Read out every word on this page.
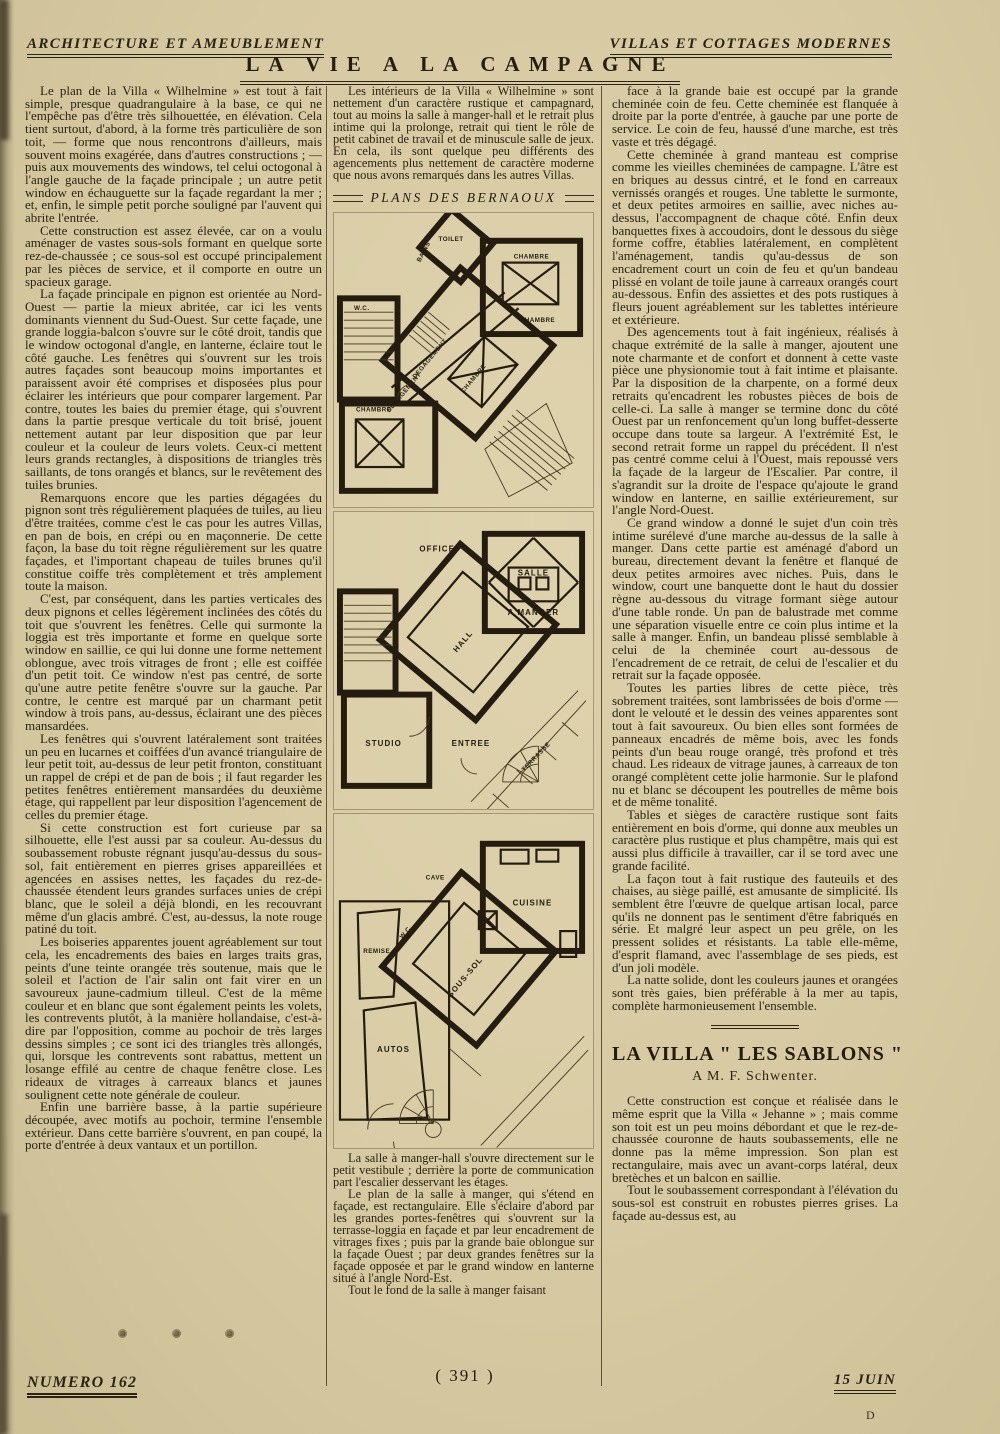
ARCHITECTURE ET AMEUBLEMENT	VILLAS ET COTTAGES MODERNES
LA VIE A LA CAMPAGNE

Le plan de la Villa « Wilhelmine » est tout à fait simple, presque quadrangulaire à la base, ce qui ne l'empêche pas d'être très silhouettée, en élévation. Cela tient surtout, d'abord, à la forme très particulière de son toit, — forme que nous rencontrons d'ailleurs, mais souvent moins exagérée, dans d'autres constructions ; — puis aux mouvements des windows, tel celui octogonal à l'angle gauche de la façade principale ; un autre petit window en échauguette sur la façade regardant la mer ; et, enfin, le simple petit porche souligné par l'auvent qui abrite l'entrée.

Cette construction est assez élevée, car on a voulu aménager de vastes sous-sols formant en quelque sorte rez-de-chaussée ; ce sous-sol est occupé principalement par les pièces de service, et il comporte en outre un spacieux garage.

La façade principale en pignon est orientée au Nord-Ouest — partie la mieux abritée, car ici les vents dominants viennent du Sud-Ouest. Sur cette façade, une grande loggia-balcon s'ouvre sur le côté droit, tandis que le window octogonal d'angle, en lanterne, éclaire tout le côté gauche. Les fenêtres qui s'ouvrent sur les trois autres façades sont beaucoup moins importantes et paraissent avoir été comprises et disposées plus pour éclairer les intérieurs que pour comparer largement. Par contre, toutes les baies du premier étage, qui s'ouvrent dans la partie presque verticale du toit brisé, jouent nettement autant par leur disposition que par leur couleur et la couleur de leurs volets. Ceux-ci mettent leurs grands rectangles, à dispositions de triangles très saillants, de tons orangés et blancs, sur le revêtement des tuiles brunies.

Remarquons encore que les parties dégagées du pignon sont très régulièrement plaquées de tuiles, au lieu d'être traitées, comme c'est le cas pour les autres Villas, en pan de bois, en crépi ou en maçonnerie. De cette façon, la base du toit règne régulièrement sur les quatre façades, et l'important chapeau de tuiles brunes qu'il constitue coiffe très complètement et très amplement toute la maison.

C'est, par conséquent, dans les parties verticales des deux pignons et celles légèrement inclinées des côtés du toit que s'ouvrent les fenêtres. Celle qui surmonte la loggia est très importante et forme en quelque sorte window en saillie, ce qui lui donne une forme nettement oblongue, avec trois vitrages de front ; elle est coiffée d'un petit toit. Ce window n'est pas centré, de sorte qu'une autre petite fenêtre s'ouvre sur la gauche. Par contre, le centre est marqué par un charmant petit window à trois pans, au-dessus, éclairant une des pièces mansardées.

Les fenêtres qui s'ouvrent latéralement sont traitées un peu en lucarnes et coiffées d'un avancé triangulaire de leur petit toit, au-dessus de leur petit fronton, constituant un rappel de crépi et de pan de bois ; il faut regarder les petites fenêtres entièrement mansardées du deuxième étage, qui rappellent par leur disposition l'agencement de celles du premier étage.

Si cette construction est fort curieuse par sa silhouette, elle l'est aussi par sa couleur. Au-dessus du soubassement robuste régnant jusqu'au-dessus du sous-sol, fait entièrement en pierres grises appareillées et agencées en assises nettes, les façades du rez-de-chaussée étendent leurs grandes surfaces unies de crépi blanc, que le soleil a déjà blondi, en les recouvrant même d'un glacis ambré. C'est, au-dessus, la note rouge patiné du toit.

Les boiseries apparentes jouent agréablement sur tout cela, les encadrements des baies en larges traits gras, peints d'une teinte orangée très soutenue, mais que le soleil et l'action de l'air salin ont fait virer en un savoureux jaune-cadmium tilleul. C'est de la même couleur et en blanc que sont également peints les volets, les contrevents plutôt, à la manière hollandaise, c'est-à-dire par l'opposition, comme au pochoir de très larges dessins simples ; ce sont ici des triangles très allongés, qui, lorsque les contrevents sont rabattus, mettent un losange effilé au centre de chaque fenêtre close. Les rideaux de vitrages à carreaux blancs et jaunes soulignent cette note générale de couleur.

Enfin une barrière basse, à la partie supérieure découpée, avec motifs au pochoir, termine l'ensemble extérieur. Dans cette barrière s'ouvrent, en pan coupé, la porte d'entrée à deux vantaux et un portillon.

Les intérieurs de la Villa « Wilhelmine » sont nettement d'un caractère rustique et campagnard, tout au moins la salle à manger-hall et le retrait plus intime qui la prolonge, retrait qui tient le rôle de petit cabinet de travail et de minuscule salle de jeux. En cela, ils sont quelque peu différents des agencements plus nettement de caractère moderne que nous avons remarqués dans les autres Villas.

PLANS DES BERNAOUX
TOILET
CHAMBRE
CHAMBRE
CHAMBRE
CHAMBRE
DEGAGEMENT
DEGAGEMENT
W.C.
BAINS
OFFICE
SALLE
A MANGER
HALL
ENTREE
STUDIO	TERRASSE
CAVE
CUISINE
W.C.
REMISE
SOUS-SOL
AUTOS

La salle à manger-hall s'ouvre directement sur le petit vestibule ; derrière la porte de communication part l'escalier desservant les étages.

Le plan de la salle à manger, qui s'étend en façade, est rectangulaire. Elle s'éclaire d'abord par les grandes portes-fenêtres qui s'ouvrent sur la terrasse-loggia en façade et par leur encadrement de vitrages fixes ; puis par la grande baie oblongue sur la façade Ouest ; par deux grandes fenêtres sur la façade opposée et par le grand window en lanterne situé à l'angle Nord-Est.

Tout le fond de la salle à manger faisant

face à la grande baie est occupé par la grande cheminée coin de feu. Cette cheminée est flanquée à droite par la porte d'entrée, à gauche par une porte de service. Le coin de feu, haussé d'une marche, est très vaste et très dégagé.

Cette cheminée à grand manteau est comprise comme les vieilles cheminées de campagne. L'âtre est en briques au dessus cintré, et le fond en carreaux vernissés orangés et rouges. Une tablette le surmonte, et deux petites armoires en saillie, avec niches au-dessus, l'accompagnent de chaque côté. Enfin deux banquettes fixes à accoudoirs, dont le dessous du siège forme coffre, établies latéralement, en complètent l'aménagement, tandis qu'au-dessus de son encadrement court un coin de feu et qu'un bandeau plissé en volant de toile jaune à carreaux orangés court au-dessous. Enfin des assiettes et des pots rustiques à fleurs jouent agréablement sur les tablettes intérieure et extérieure.

Des agencements tout à fait ingénieux, réalisés à chaque extrémité de la salle à manger, ajoutent une note charmante et de confort et donnent à cette vaste pièce une physionomie tout à fait intime et plaisante. Par la disposition de la charpente, on a formé deux retraits qu'encadrent les robustes pièces de bois de celle-ci. La salle à manger se termine donc du côté Ouest par un renfoncement qu'un long buffet-desserte occupe dans toute sa largeur. A l'extrémité Est, le second retrait forme un rappel du précédent. Il n'est pas centré comme celui à l'Ouest, mais repoussé vers la façade de la largeur de l'Escalier. Par contre, il s'agrandit sur la droite de l'espace qu'ajoute le grand window en lanterne, en saillie extérieurement, sur l'angle Nord-Ouest.

Ce grand window a donné le sujet d'un coin très intime surélevé d'une marche au-dessus de la salle à manger. Dans cette partie est aménagé d'abord un bureau, directement devant la fenêtre et flanqué de deux petites armoires avec niches. Puis, dans le window, court une banquette dont le haut du dossier règne au-dessous du vitrage formant siège autour d'une table ronde. Un pan de balustrade met comme une séparation visuelle entre ce coin plus intime et la salle à manger. Enfin, un bandeau plissé semblable à celui de la cheminée court au-dessous de l'encadrement de ce retrait, de celui de l'escalier et du retrait sur la façade opposée.

Toutes les parties libres de cette pièce, très sobrement traitées, sont lambrissées de bois d'orme — dont le velouté et le dessin des veines apparentes sont tout à fait savoureux. Ou bien elles sont formées de panneaux encadrés de même bois, avec les fonds peints d'un beau rouge orangé, très profond et très chaud. Les rideaux de vitrage jaunes, à carreaux de ton orangé complètent cette jolie harmonie. Sur le plafond nu et blanc se découpent les poutrelles de même bois et de même tonalité.

Tables et sièges de caractère rustique sont faits entièrement en bois d'orme, qui donne aux meubles un caractère plus rustique et plus champêtre, mais qui est aussi plus difficile à travailler, car il se tord avec une grande facilité.

La façon tout à fait rustique des fauteuils et des chaises, au siège paillé, est amusante de simplicité. Ils semblent être l'œuvre de quelque artisan local, parce qu'ils ne donnent pas le sentiment d'être fabriqués en série. Et malgré leur aspect un peu grêle, on les pressent solides et résistants. La table elle-même, d'esprit flamand, avec l'assemblage de ses pieds, est d'un joli modèle.

La natte solide, dont les couleurs jaunes et orangées sont très gaies, bien préférable à la mer au tapis, complète harmonieusement l'ensemble.

LA VILLA " LES SABLONS "
A M. F. Schwenter.

Cette construction est conçue et réalisée dans le même esprit que la Villa « Jehanne » ; mais comme son toit est un peu moins débordant et que le rez-de-chaussée couronne de hauts soubassements, elle ne donne pas la même impression. Son plan est rectangulaire, mais avec un avant-corps latéral, deux bretèches et un balcon en saillie.

Tout le soubassement correspondant à l'élévation du sous-sol est construit en robustes pierres grises. La façade au-dessus est, au

NUMERO 162	( 391 )	15 JUIN
D
